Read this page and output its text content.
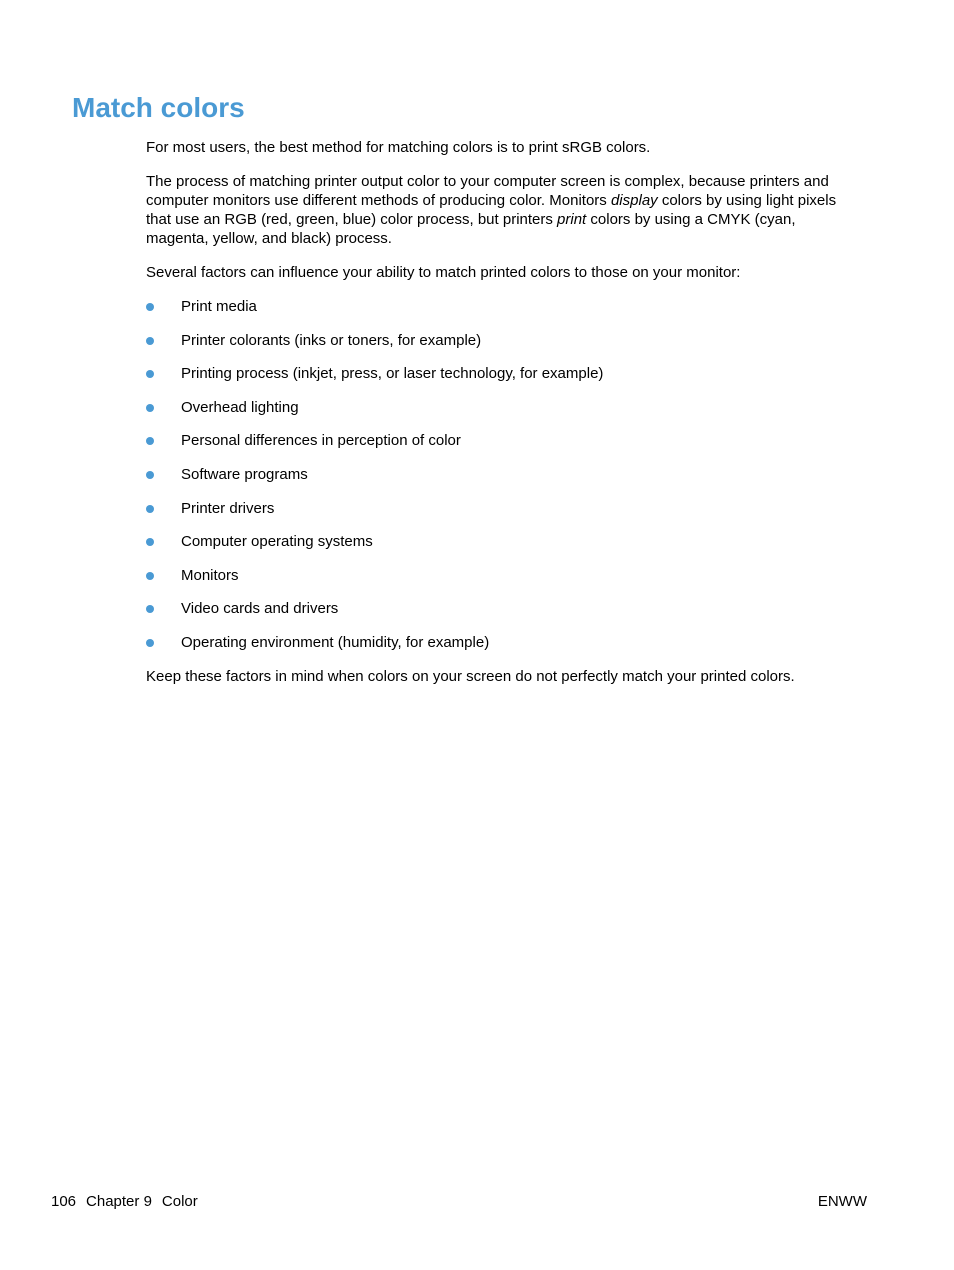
Match colors

For most users, the best method for matching colors is to print sRGB colors.

The process of matching printer output color to your computer screen is complex, because printers and computer monitors use different methods of producing color. Monitors display colors by using light pixels that use an RGB (red, green, blue) color process, but printers print colors by using a CMYK (cyan, magenta, yellow, and black) process.

Several factors can influence your ability to match printed colors to those on your monitor:

Print media
Printer colorants (inks or toners, for example)
Printing process (inkjet, press, or laser technology, for example)
Overhead lighting
Personal differences in perception of color
Software programs
Printer drivers
Computer operating systems
Monitors
Video cards and drivers
Operating environment (humidity, for example)

Keep these factors in mind when colors on your screen do not perfectly match your printed colors.

106 Chapter 9 Color	ENWW
